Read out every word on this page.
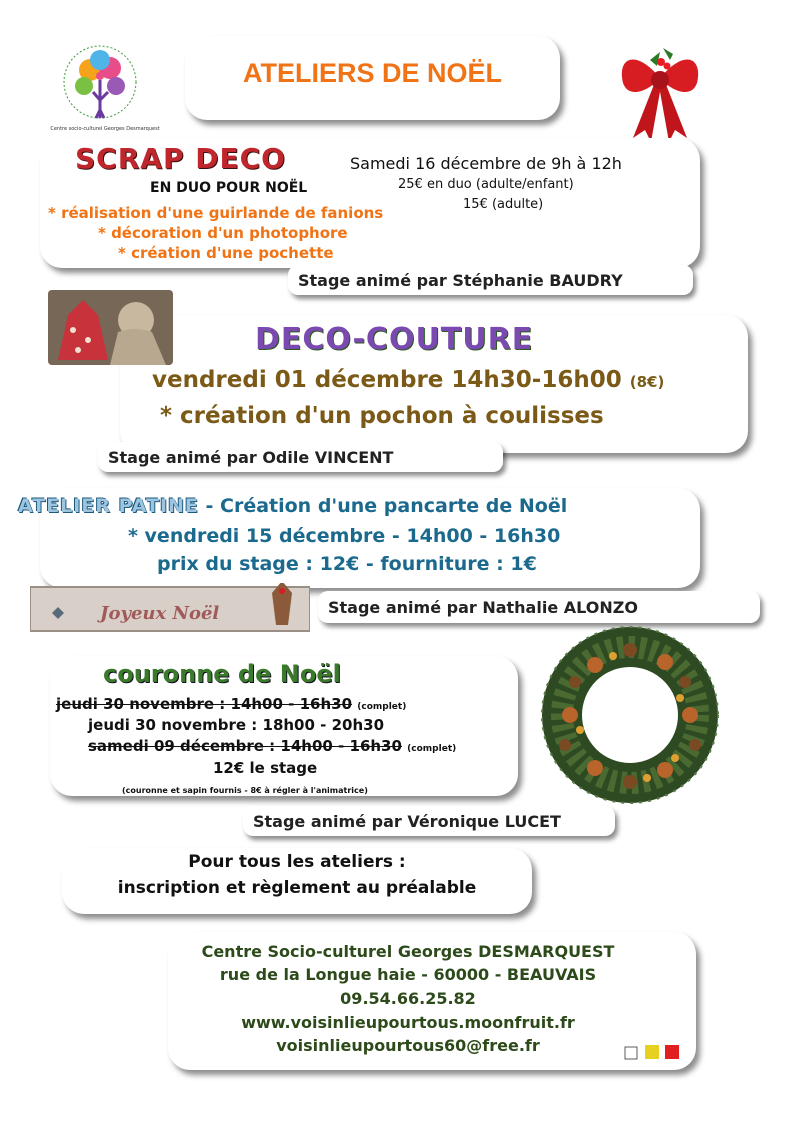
Centre socio-culturel Georges Desmarquest
ATELIERS DE NOËL
SCRAP DECO
EN DUO POUR NOËL
* réalisation d'une guirlande de fanions
* décoration d'un photophore
* création d'une pochette
Samedi 16 décembre de 9h à 12h
25€ en duo (adulte/enfant)
15€ (adulte)
Stage animé par Stéphanie BAUDRY
DECO-COUTURE
vendredi 01 décembre 14h30-16h00 (8€)
* création d'un pochon à coulisses
Stage animé par Odile VINCENT
ATELIER PATINE - Création d'une pancarte de Noël
* vendredi 15 décembre - 14h00 - 16h30
prix du stage : 12€ - fourniture : 1€
Joyeux Noël	Stage animé par Nathalie ALONZO
couronne de Noël
jeudi 30 novembre : 14h00 - 16h30 (complet)
jeudi 30 novembre : 18h00 - 20h30
samedi 09 décembre : 14h00 - 16h30 (complet)
12€ le stage
(couronne et sapin fournis - 8€ à régler à l'animatrice)
Stage animé par Véronique LUCET
Pour tous les ateliers :
inscription et règlement au préalable
Centre Socio-culturel Georges DESMARQUEST
rue de la Longue haie - 60000 - BEAUVAIS
09.54.66.25.82
www.voisinlieupourtous.moonfruit.fr
voisinlieupourtous60@free.fr
